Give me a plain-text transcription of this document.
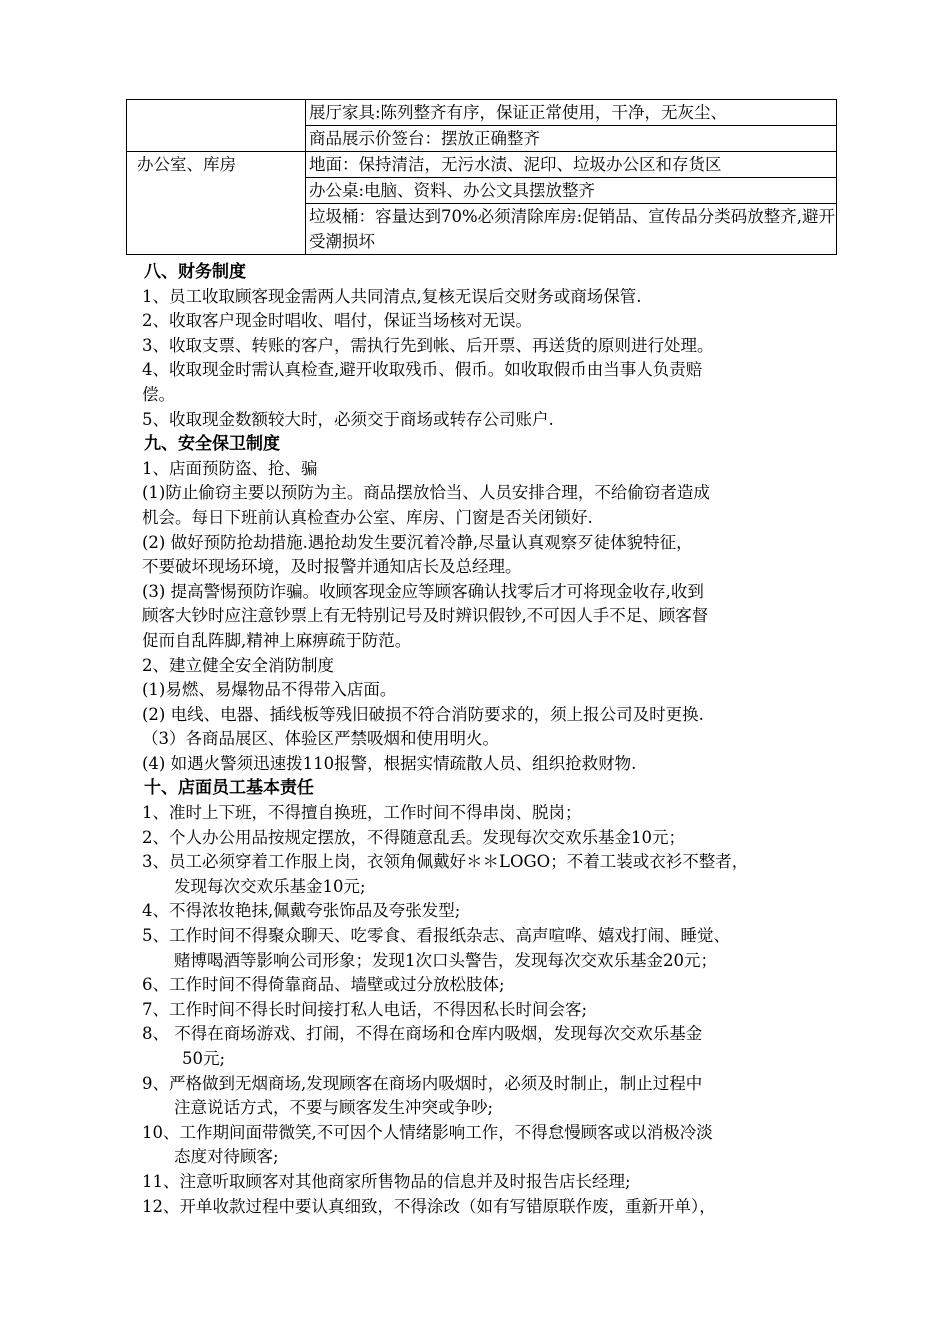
	展厅家具:陈列整齐有序，保证正常使用，干净，无灰尘、
	商品展示价签台：摆放正确整齐
办公室、库房	地面：保持清洁，无污水渍、泥印、垃圾办公区和存货区
	办公桌:电脑、资料、办公文具摆放整齐
	垃圾桶：容量达到70%必须清除库房:促销品、宣传品分类码放整齐,避开受潮损坏
八、财务制度
1、员工收取顾客现金需两人共同清点,复核无误后交财务或商场保管.
2、收取客户现金时唱收、唱付，保证当场核对无误。
3、收取支票、转账的客户，需执行先到帐、后开票、再送货的原则进行处理。
4、收取现金时需认真检查,避开收取残币、假币。如收取假币由当事人负责赔
偿。
5、收取现金数额较大时，必须交于商场或转存公司账户.
九、安全保卫制度
1、店面预防盗、抢、骗
(1)防止偷窃主要以预防为主。商品摆放恰当、人员安排合理，不给偷窃者造成
机会。每日下班前认真检查办公室、库房、门窗是否关闭锁好.
(2) 做好预防抢劫措施.遇抢劫发生要沉着冷静,尽量认真观察歹徒体貌特征，
不要破坏现场环境，及时报警并通知店长及总经理。
(3) 提高警惕预防诈骗。收顾客现金应等顾客确认找零后才可将现金收存,收到
顾客大钞时应注意钞票上有无特别记号及时辨识假钞,不可因人手不足、顾客督
促而自乱阵脚,精神上麻痹疏于防范。
2、建立健全安全消防制度
(1)易燃、易爆物品不得带入店面。
(2) 电线、电器、插线板等残旧破损不符合消防要求的，须上报公司及时更换.
（3）各商品展区、体验区严禁吸烟和使用明火。
(4) 如遇火警须迅速拨110报警，根据实情疏散人员、组织抢救财物.
十、店面员工基本责任
1、准时上下班，不得擅自换班，工作时间不得串岗、脱岗；
2、个人办公用品按规定摆放，不得随意乱丢。发现每次交欢乐基金10元；
3、员工必须穿着工作服上岗，衣领角佩戴好＊＊LOGO；不着工装或衣衫不整者，
发现每次交欢乐基金10元;
4、不得浓妆艳抹,佩戴夸张饰品及夸张发型;
5、工作时间不得聚众聊天、吃零食、看报纸杂志、高声喧哗、嬉戏打闹、睡觉、
赌博喝酒等影响公司形象；发现1次口头警告，发现每次交欢乐基金20元；
6、工作时间不得倚靠商品、墙壁或过分放松肢体;
7、工作时间不得长时间接打私人电话，不得因私长时间会客;
8、 不得在商场游戏、打闹，不得在商场和仓库内吸烟，发现每次交欢乐基金
50元;
9、严格做到无烟商场,发现顾客在商场内吸烟时，必须及时制止，制止过程中
注意说话方式，不要与顾客发生冲突或争吵;
10、工作期间面带微笑,不可因个人情绪影响工作，不得怠慢顾客或以消极冷淡
态度对待顾客;
11、注意听取顾客对其他商家所售物品的信息并及时报告店长经理;
12、开单收款过程中要认真细致，不得涂改（如有写错原联作废，重新开单），
